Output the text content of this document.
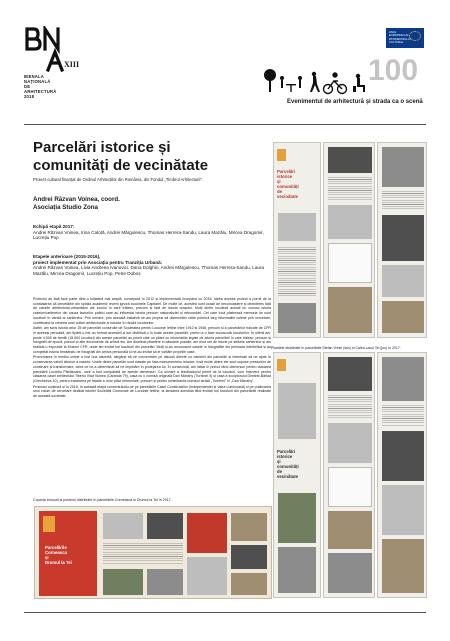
BIENALA
NAȚIONALĂ
DE
ARHITECTURĂ
2018
XIII
ANUL EUROPEAN AL PATRIMONIULUI CULTURAL
100
Evenimentul de arhitectură și strada ca o scenă
Parcelări istorice și
comunități de vecinătate
Proiect cultural finanțat de Ordinul Arhitecților din România, din Fondul „Timbrul Arhitecturii”.
Andrei Răzvan Voinea, coord.
Asociația Studio Zona
Echipă etapă 2017:
Andrei Răzvan Voinea, Irina Calotă, Andrei Mărgulescu, Thomas Herrera-Sandu, Laura Mazălu, Mircea Dragomir, Lucrețiu Pop
Etapele anterioare (2015-2016),
proiect implementat prin Asociația pentru Tranziția Urbană:
Andrei Răzvan Voinea, Livia Andreea Ivanovici, Dana Dolghin, Andrei Mărgulescu, Thomas Herrera-Sandu, Laura Mazălu, Mircea Dragomir, Lucrețiu Pop, Petre Doboș

Proiectul de față face parte dintr-o inițiativă mai amplă, concepută în 2012 și implementată începând cu 2015. Ideea acestui proiect a pornit de la constatarea că cercetările din spațiul academic recent ignoră locuințele Capitalei. De multe ori, acestea sunt ocazii de necunoaștere și dezinteres față de valorile arhitectural-urbanistice ale locului în care trăiesc, precum și față de istoria orașului. Mulți dintre locuitorii actuali nu cunosc istoria caselor/cartierelor din cauza factorilor politici care au influențat istoria precum naționalizări și retrocedări. Cei care încă păstrează memoria lor sunt locuitorii în vârstă ai cartierelor. Prin urmare, prin această inițiativă ne-am propus să diseminăm către publicul larg informațiile culese prin cercetare, contribuind la crearea unei culturi arhitecturale și istorice în rândul locuitorilor.

Astfel, am scris istoria celor 25 de parcelări construite de Societatea pentru Locuințe Ieftine între 1910 și 1946, precum și a parcelărilor ridicate de CFR în aceeași perioadă, am tipărit-o într-un format accesibil și am distribuit-o în toate aceste parcelări, pentru a o face cunoscută locuitorilor. În ultimii ani, peste 4.000 de familii (15.000 locuitori) din aceste parcelări au primit câte un pliant cu informațiile legate de istoria parcelării în care trăiesc, precum și fotografii de epocă, planuri și alte documente de arhivă etc. Am distribuit pliantele în căsuțele poștale, am ținut ore de istorie pe străzile cartierelor și am realizat o expoziție la Muzeul CFR, unde am invitat toți locuitorii din parcelări. Mulți și-au recunoscut casele în fotografiile din perioada interbelică și au completat istoria trimițându-ne fotografii din arhiva personală și ne-au invitat să le vizităm propriile case.

Promovarea în mediul online a fost una discretă, alegând să ne concentrăm pe discuții directe cu oamenii din parcelări și interesați să ne ajute în conservarea valorii istorice a caselor. Unele dintre parcelări sunt clasate pe lista monumentelor istorice, însă multe dintre ele sunt supuse presiunilor de construire și transformare, ceea ce ne-a determinat să ne implicăm în protejarea lor. În consecință, am inițiat în primul rând demersuri pentru clasarea parcelării Lucrețiu Pătrășcanu, care a fost cumpărată de aceste demersuri. Ca urmare a feedbackului primit de la locuitori, vom interveni pentru clasarea casei arhitectului Tiberiu Vlad Voinea (Caranda 79), casa cu o cornișă originală Dan Mizrahy (Turbinei 5) și casa a sculptorului Dimitrie-Bărlad (Grecheeva 10), pentru instalarea pe fațade a unor plăci memoriale, precum și pentru schimbarea numelui străzii „Turbinei” în „Dan Mizrahy”.

Proiectul continuă și în 2018, în această etapă concentrându-ne pe parcelările Casei Construcțiilor (Independenței și Vatra Luminoasă) și pe publicarea unui volum de cercetare dedicat istoriei Societății Comunale de Locuințe Ieftine, la lansarea acestuia fiind invitați toți locuitorii din parcelările realizate de această societate.

Coperta broșurii și posterul distribuite în parcelările Corneasca și Drumul la Tei în 2017.
Parcelările
Corneasca
și
Drumul la Tei
Parcelări
istorice
și
comunități
de
vecinătate
Pliantele distribuite în parcelările Ștefan Vrinei (sus) și Calea Lacul Tei (jos) în 2017.
Parcelări
istorice
și
comunități
de
vecinătate
